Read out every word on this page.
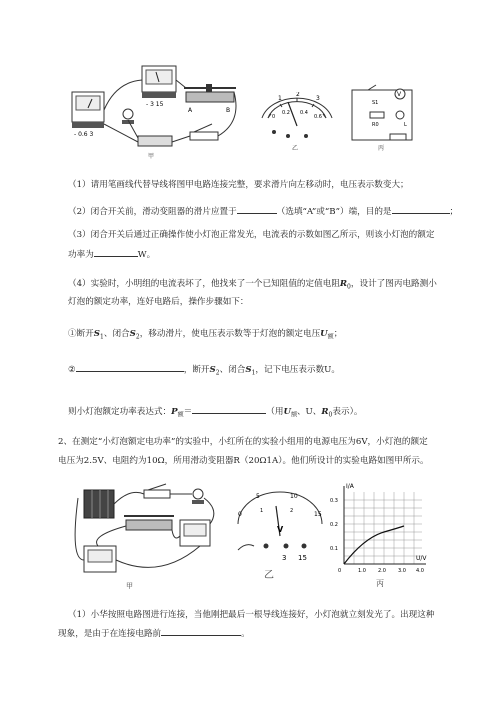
- 0.6 3
- 3 15
A	B
甲
1
2
3
0
0.2 0.4
0.6
乙
V
S1
R0	L
丙
（1）请用笔画线代替导线将图甲电路连接完整，要求滑片向左移动时，电压表示数变大；
（2）闭合开关前，滑动变阻器的滑片应置于	（选填“A”或“B”）端，目的是	；
（3）闭合开关后通过正确操作使小灯泡正常发光，电流表的示数如图乙所示，则该小灯泡的额定
功率为	W。
（4）实验时，小明组的电流表坏了，他找来了一个已知阻值的定值电阻$R_0$，设计了图丙电路测小
灯泡的额定功率，连好电路后，操作步骤如下：
①断开$S_1$、闭合$S_2$，移动滑片，使电压表示数等于灯泡的额定电压$U_额$；
②	，断开$S_2$、闭合$S_1$，记下电压表示数U。
则小灯泡额定功率表达式：$P_额=$	（用$U_额$、U、$R_0$表示）。
2、在测定“小灯泡额定电功率”的实验中，小红所在的实验小组用的电源电压为6V，小灯泡的额定
电压为2.5V、电阻约为10Ω，所用滑动变阻器R（20Ω1A）。他们所设计的实验电路如图甲所示。
甲
5	10
0	15
1	2
V
3 15
乙
I/A
U/V
0.3
0.2
0.1
0	1.0 2.0 3.0 4.0
丙
（1）小华按照电路图进行连接，当他刚把最后一根导线连接好，小灯泡就立刻发光了。出现这种
现象，是由于在连接电路前	。
